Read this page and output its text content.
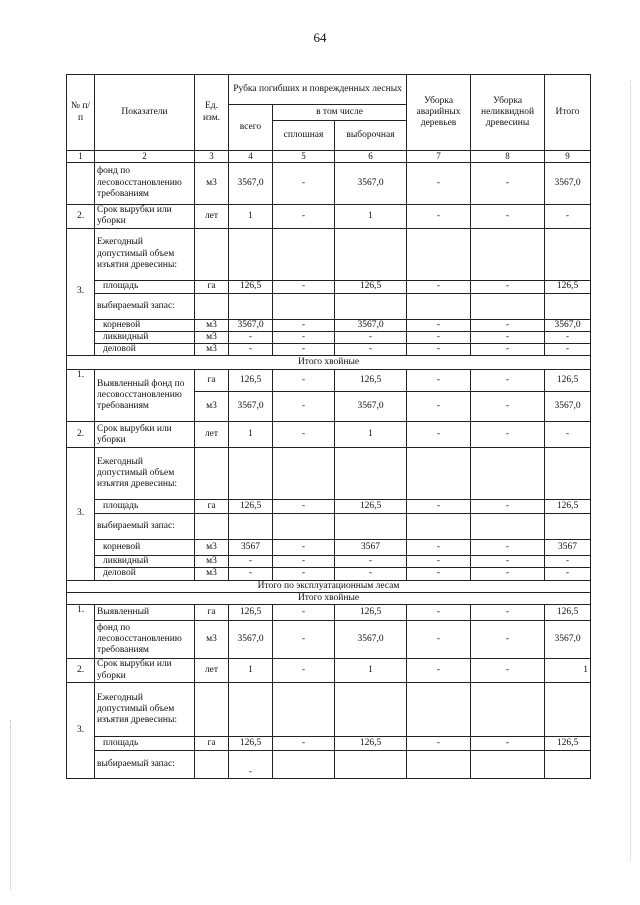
64
№ п/п	Показатели	Ед. изм.	Рубка погибших и поврежденных лесных			Уборка аварийных деревьев	Уборка неликвидной древесины	Итого
			всего	в том числе				
				сплошная	выборочная			
1	2	3	4	5	6	7	8	9
	фонд по лесовосстановлению требованиям	м3	3567,0	-	3567,0	-	-	3567,0
2.	Срок вырубки или уборки	лет	1	-	1	-	-	-
3.	Ежегодный допустимый объем изъятия древесины:							
	площадь	га	126,5	-	126,5	-	-	126,5
	выбираемый запас:							
	корневой	м3	3567,0	-	3567,0	-	-	3567,0
	ликвидный	м3	-	-	-	-	-	-
	деловой	м3	-	-	-	-	-	-
Итого хвойные								
1.	Выявленный фонд по лесовосстановлению требованиям	га	126,5	-	126,5	-	-	126,5
		м3	3567,0	-	3567,0	-	-	3567,0
2.	Срок вырубки или уборки	лет	1	-	1	-	-	-
3.	Ежегодный допустимый объем изъятия древесины:							
	площадь	га	126,5	-	126,5	-	-	126,5
	выбираемый запас:							
	корневой	м3	3567	-	3567	-	-	3567
	ликвидный	м3	-	-	-	-	-	-
	деловой	м3	-	-	-	-	-	-
Итого по эксплуатационным лесам								
Итого хвойные								
1.	Выявленный	га	126,5	-	126,5	-	-	126,5
	фонд по лесовосстановлению требованиям	м3	3567,0	-	3567,0	-	-	3567,0
2.	Срок вырубки или уборки	лет	1	-	1	-	-	1
3.	Ежегодный допустимый объем изъятия древесины:							
	площадь	га	126,5	-	126,5	-	-	126,5
	выбираемый запас:		-					
